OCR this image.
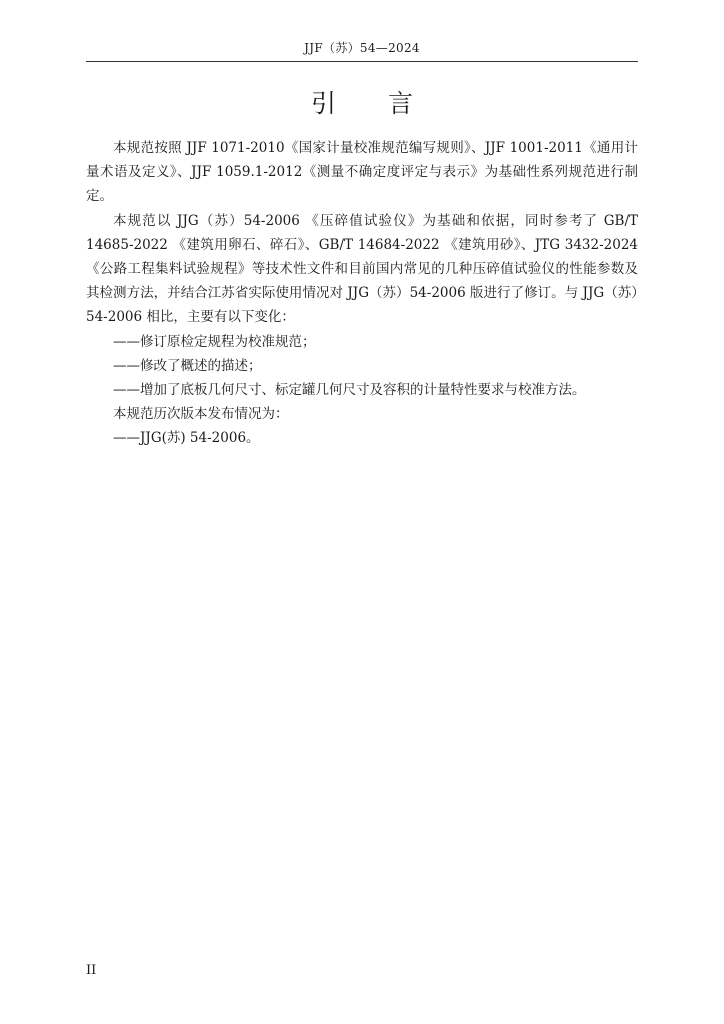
JJF（苏）54—2024
引言

本规范按照 JJF 1071-2010《国家计量校准规范编写规则》、JJF 1001-2011《通用计量术语及定义》、JJF 1059.1-2012《测量不确定度评定与表示》为基础性系列规范进行制定。

本规范以 JJG（苏）54-2006 《压碎值试验仪》为基础和依据，同时参考了 GB/T 14685-2022 《建筑用卵石、碎石》、GB/T 14684-2022 《建筑用砂》、JTG 3432-2024 《公路工程集料试验规程》等技术性文件和目前国内常见的几种压碎值试验仪的性能参数及其检测方法，并结合江苏省实际使用情况对 JJG（苏）54-2006 版进行了修订。与 JJG（苏）54-2006 相比，主要有以下变化：

——修订原检定规程为校准规范；

——修改了概述的描述；

——增加了底板几何尺寸、标定罐几何尺寸及容积的计量特性要求与校准方法。

本规范历次版本发布情况为：

——JJG(苏) 54-2006。

II
